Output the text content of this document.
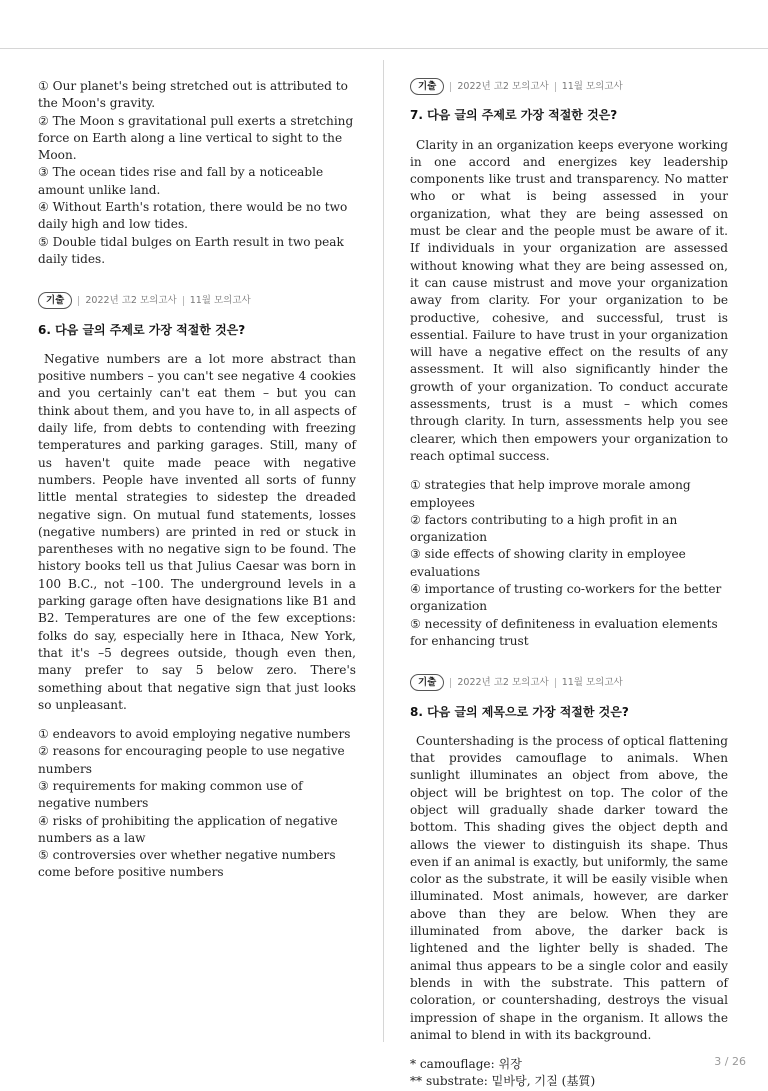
① Our planet's being stretched out is attributed to the Moon's gravity.
② The Moon s gravitational pull exerts a stretching force on Earth along a line vertical to sight to the Moon.
③ The ocean tides rise and fall by a noticeable amount unlike land.
④ Without Earth's rotation, there would be no two daily high and low tides.
⑤ Double tidal bulges on Earth result in two peak daily tides.
기출	2022년 고2 모의고사 11월 모의고사
6. 다음 글의 주제로 가장 적절한 것은?

Negative numbers are a lot more abstract than positive numbers – you can't see negative 4 cookies and you certainly can't eat them – but you can think about them, and you have to, in all aspects of daily life, from debts to contending with freezing temperatures and parking garages. Still, many of us haven't quite made peace with negative numbers. People have invented all sorts of funny little mental strategies to sidestep the dreaded negative sign. On mutual fund statements, losses (negative numbers) are printed in red or stuck in parentheses with no negative sign to be found. The history books tell us that Julius Caesar was born in 100 B.C., not –100. The underground levels in a parking garage often have designations like B1 and B2. Temperatures are one of the few exceptions: folks do say, especially here in Ithaca, New York, that it's –5 degrees outside, though even then, many prefer to say 5 below zero. There's something about that negative sign that just looks so unpleasant.

① endeavors to avoid employing negative numbers
② reasons for encouraging people to use negative numbers
③ requirements for making common use of negative numbers
④ risks of prohibiting the application of negative numbers as a law
⑤ controversies over whether negative numbers come before positive numbers
기출	2022년 고2 모의고사 11월 모의고사
7. 다음 글의 주제로 가장 적절한 것은?

Clarity in an organization keeps everyone working in one accord and energizes key leadership components like trust and transparency. No matter who or what is being assessed in your organization, what they are being assessed on must be clear and the people must be aware of it. If individuals in your organization are assessed without knowing what they are being assessed on, it can cause mistrust and move your organization away from clarity. For your organization to be productive, cohesive, and successful, trust is essential. Failure to have trust in your organization will have a negative effect on the results of any assessment. It will also significantly hinder the growth of your organization. To conduct accurate assessments, trust is a must – which comes through clarity. In turn, assessments help you see clearer, which then empowers your organization to reach optimal success.

① strategies that help improve morale among employees
② factors contributing to a high profit in an organization
③ side effects of showing clarity in employee evaluations
④ importance of trusting co-workers for the better organization
⑤ necessity of definiteness in evaluation elements for enhancing trust
기출	2022년 고2 모의고사 11월 모의고사
8. 다음 글의 제목으로 가장 적절한 것은?

Countershading is the process of optical flattening that provides camouflage to animals. When sunlight illuminates an object from above, the object will be brightest on top. The color of the object will gradually shade darker toward the bottom. This shading gives the object depth and allows the viewer to distinguish its shape. Thus even if an animal is exactly, but uniformly, the same color as the substrate, it will be easily visible when illuminated. Most animals, however, are darker above than they are below. When they are illuminated from above, the darker back is lightened and the lighter belly is shaded. The animal thus appears to be a single color and easily blends in with the substrate. This pattern of coloration, or countershading, destroys the visual impression of shape in the organism. It allows the animal to blend in with its background.

* camouflage: 위장
** substrate: 밑바탕, 기질 (基質)
3 / 26
